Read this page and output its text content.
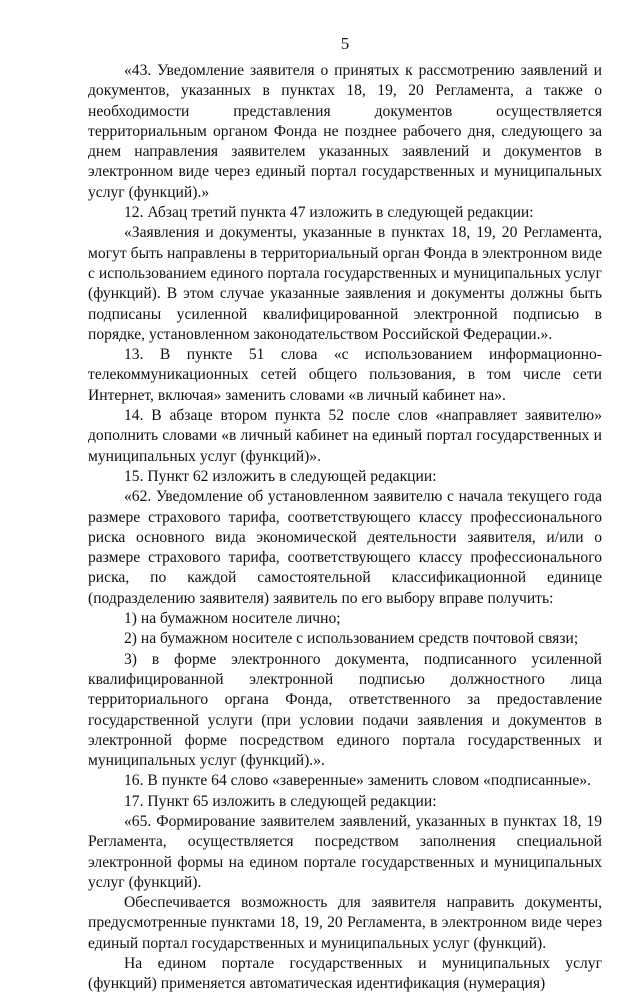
5

«43. Уведомление заявителя о принятых к рассмотрению заявлений и документов, указанных в пунктах 18, 19, 20 Регламента, а также о необходимости представления документов осуществляется территориальным органом Фонда не позднее рабочего дня, следующего за днем направления заявителем указанных заявлений и документов в электронном виде через единый портал государственных и муниципальных услуг (функций).»

12. Абзац третий пункта 47 изложить в следующей редакции:

«Заявления и документы, указанные в пунктах 18, 19, 20 Регламента, могут быть направлены в территориальный орган Фонда в электронном виде с использованием единого портала государственных и муниципальных услуг (функций). В этом случае указанные заявления и документы должны быть подписаны усиленной квалифицированной электронной подписью в порядке, установленном законодательством Российской Федерации.».

13. В пункте 51 слова «с использованием информационно-телекоммуникационных сетей общего пользования, в том числе сети Интернет, включая» заменить словами «в личный кабинет на».

14. В абзаце втором пункта 52 после слов «направляет заявителю» дополнить словами «в личный кабинет на единый портал государственных и муниципальных услуг (функций)».

15. Пункт 62 изложить в следующей редакции:

«62. Уведомление об установленном заявителю с начала текущего года размере страхового тарифа, соответствующего классу профессионального риска основного вида экономической деятельности заявителя, и/или о размере страхового тарифа, соответствующего классу профессионального риска, по каждой самостоятельной классификационной единице (подразделению заявителя) заявитель по его выбору вправе получить:

1) на бумажном носителе лично;

2) на бумажном носителе с использованием средств почтовой связи;

3) в форме электронного документа, подписанного усиленной квалифицированной электронной подписью должностного лица территориального органа Фонда, ответственного за предоставление государственной услуги (при условии подачи заявления и документов в электронной форме посредством единого портала государственных и муниципальных услуг (функций).».

16. В пункте 64 слово «заверенные» заменить словом «подписанные».

17. Пункт 65 изложить в следующей редакции:

«65. Формирование заявителем заявлений, указанных в пунктах 18, 19 Регламента, осуществляется посредством заполнения специальной электронной формы на едином портале государственных и муниципальных услуг (функций).

Обеспечивается возможность для заявителя направить документы, предусмотренные пунктами 18, 19, 20 Регламента, в электронном виде через единый портал государственных и муниципальных услуг (функций).

На едином портале государственных и муниципальных услуг (функций) применяется автоматическая идентификация (нумерация)
